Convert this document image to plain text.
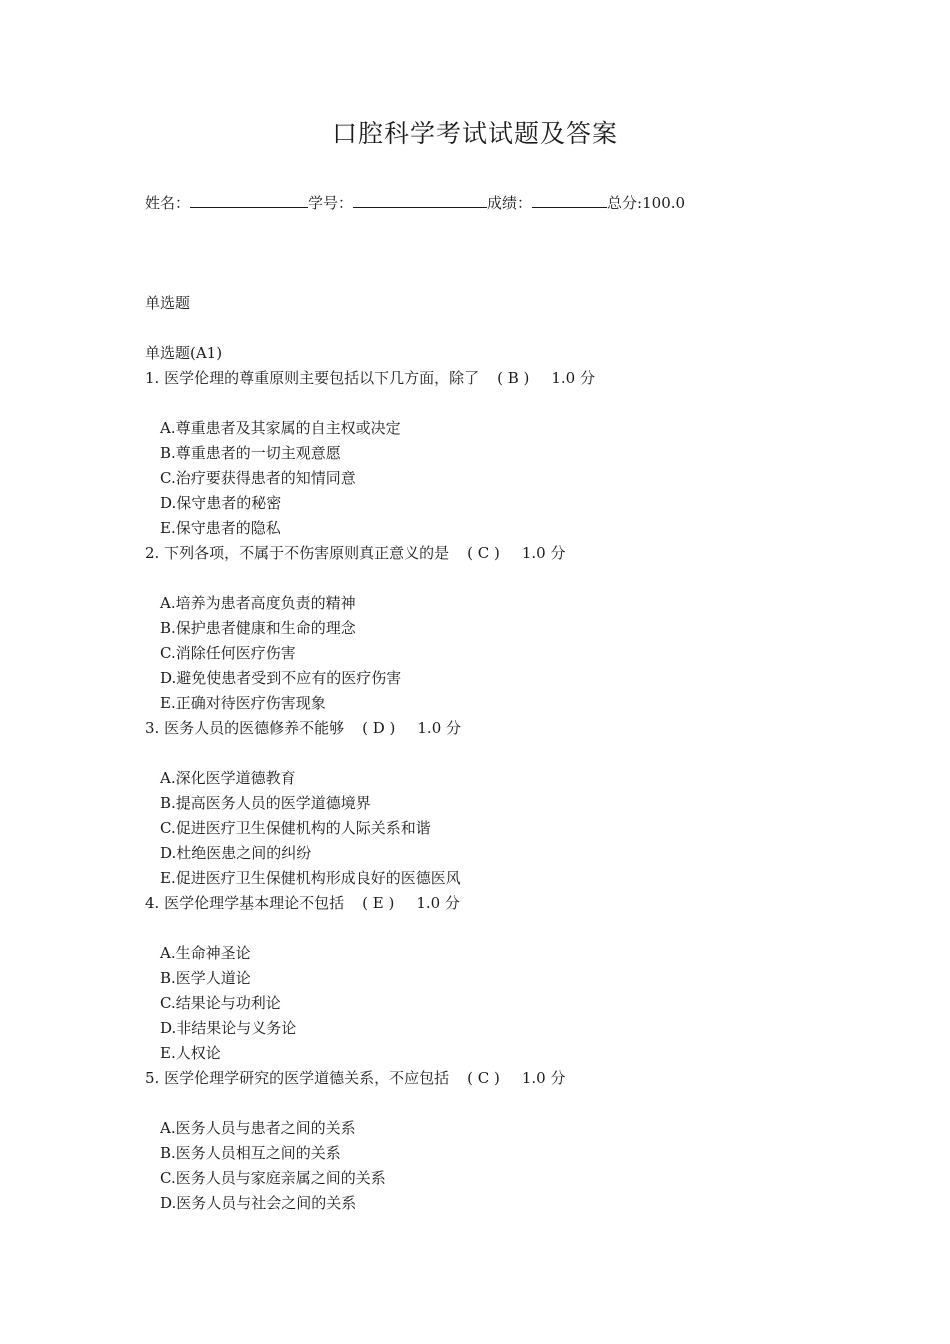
口腔科学考试试题及答案
姓名：	学号：	成绩：	总分:100.0
单选题
单选题(A1)
1. 医学伦理的尊重原则主要包括以下几方面，除了 ( B ) 1.0 分
A.尊重患者及其家属的自主权或决定
B.尊重患者的一切主观意愿
C.治疗要获得患者的知情同意
D.保守患者的秘密
E.保守患者的隐私
2. 下列各项，不属于不伤害原则真正意义的是 ( C ) 1.0 分
A.培养为患者高度负责的精神
B.保护患者健康和生命的理念
C.消除任何医疗伤害
D.避免使患者受到不应有的医疗伤害
E.正确对待医疗伤害现象
3. 医务人员的医德修养不能够 ( D ) 1.0 分
A.深化医学道德教育
B.提高医务人员的医学道德境界
C.促进医疗卫生保健机构的人际关系和谐
D.杜绝医患之间的纠纷
E.促进医疗卫生保健机构形成良好的医德医风
4. 医学伦理学基本理论不包括 ( E ) 1.0 分
A.生命神圣论
B.医学人道论
C.结果论与功利论
D.非结果论与义务论
E.人权论
5. 医学伦理学研究的医学道德关系，不应包括 ( C ) 1.0 分
A.医务人员与患者之间的关系
B.医务人员相互之间的关系
C.医务人员与家庭亲属之间的关系
D.医务人员与社会之间的关系
